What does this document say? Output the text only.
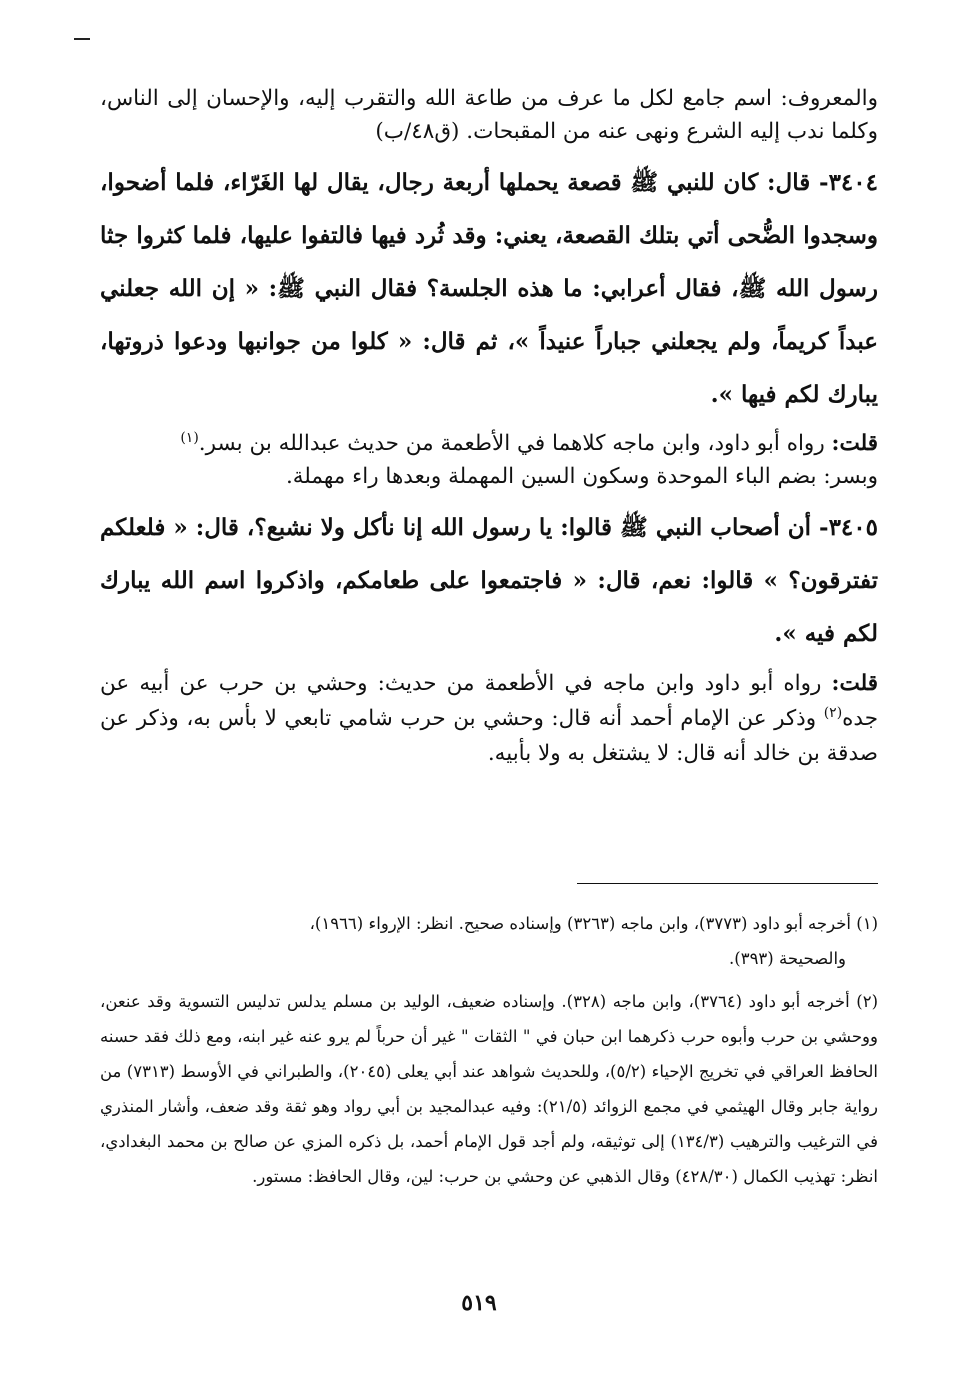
والمعروف: اسم جامع لكل ما عرف من طاعة الله والتقرب إليه، والإحسان إلى الناس، وكلما ندب إليه الشرع ونهى عنه من المقبحات. (ق٤٨/ب)

٣٤٠٤- قال: كان للنبي ﷺ قصعة يحملها أربعة رجال، يقال لها الغَرّاء، فلما أضحوا، وسجدوا الضُّحى أتي بتلك القصعة، يعني: وقد ثُرد فيها فالتفوا عليها، فلما كثروا جثا رسول الله ﷺ، فقال أعرابي: ما هذه الجلسة؟ فقال النبي ﷺ: « إن الله جعلني عبداً كريماً، ولم يجعلني جباراً عنيداً »، ثم قال: « كلوا من جوانبها ودعوا ذروتها، يبارك لكم فيها ».

قلت: رواه أبو داود، وابن ماجه كلاهما في الأطعمة من حديث عبدالله بن بسر.$^{(١)}$
وبسر: بضم الباء الموحدة وسكون السين المهملة وبعدها راء مهملة.

٣٤٠٥- أن أصحاب النبي ﷺ قالوا: يا رسول الله إنا نأكل ولا نشبع؟، قال: « فلعلكم تفترقون؟ » قالوا: نعم، قال: « فاجتمعوا على طعامكم، واذكروا اسم الله يبارك لكم فيه ».

قلت: رواه أبو داود وابن ماجه في الأطعمة من حديث: وحشي بن حرب عن أبيه عن جده$^{(٢)}$ وذكر عن الإمام أحمد أنه قال: وحشي بن حرب شامي تابعي لا بأس به، وذكر عن صدقة بن خالد أنه قال: لا يشتغل به ولا بأبيه.

(١) أخرجه أبو داود (٣٧٧٣)، وابن ماجه (٣٢٦٣) وإسناده صحيح. انظر: الإرواء (١٩٦٦)،
والصحيحة (٣٩٣).

(٢) أخرجه أبو داود (٣٧٦٤)، وابن ماجه (٣٢٨). وإسناده ضعيف، الوليد بن مسلم يدلس تدليس التسوية وقد عنعن، ووحشي بن حرب وأبوه حرب ذكرهما ابن حبان في " الثقات " غير أن حرباً لم يرو عنه غير ابنه، ومع ذلك فقد حسنه الحافظ العراقي في تخريج الإحياء (٥/٢)، وللحديث شواهد عند أبي يعلى (٢٠٤٥)، والطبراني في الأوسط (٧٣١٣) من رواية جابر وقال الهيثمي في مجمع الزوائد (٢١/٥): وفيه عبدالمجيد بن أبي رواد وهو ثقة وقد ضعف، وأشار المنذري في الترغيب والترهيب (١٣٤/٣) إلى توثيقه، ولم أجد قول الإمام أحمد، بل ذكره المزي عن صالح بن محمد البغدادي، انظر: تهذيب الكمال (٤٢٨/٣٠) وقال الذهبي عن وحشي بن حرب: لين، وقال الحافظ: مستور.

٥١٩
